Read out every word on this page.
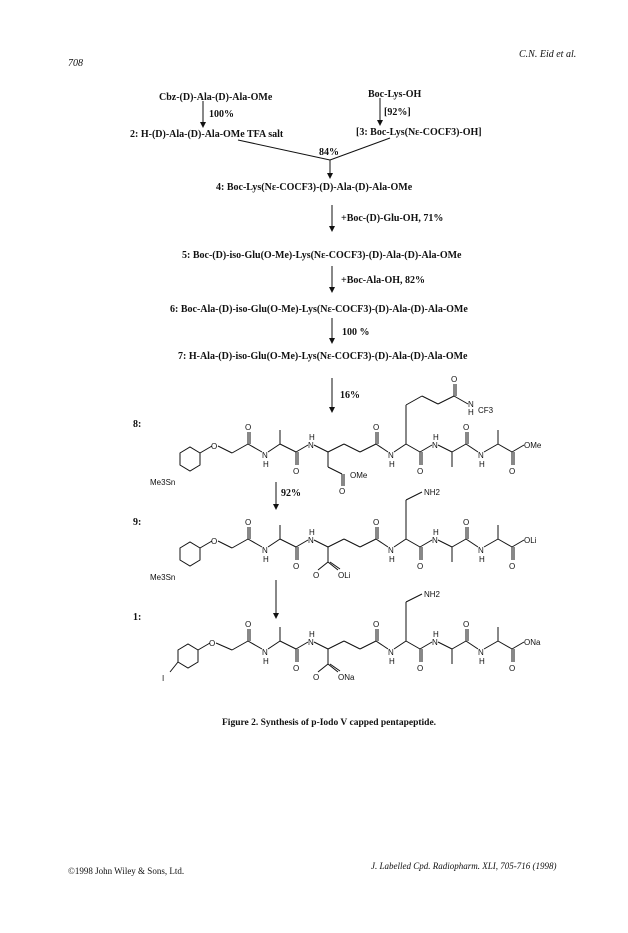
708
C.N. Eid et al.
Cbz-(D)-Ala-(D)-Ala-OMe
100%
Boc-Lys-OH
[92%]
2: H-(D)-Ala-(D)-Ala-OMe TFA salt	[3: Boc-Lys(Nε-COCF3)-OH]
84%
4: Boc-Lys(Nε-COCF3)-(D)-Ala-(D)-Ala-OMe
+Boc-(D)-Glu-OH, 71%
5: Boc-(D)-iso-Glu(O-Me)-Lys(Nε-COCF3)-(D)-Ala-(D)-Ala-OMe
+Boc-Ala-OH, 82%
6: Boc-Ala-(D)-iso-Glu(O-Me)-Lys(Nε-COCF3)-(D)-Ala-(D)-Ala-OMe
100 %
7: H-Ala-(D)-iso-Glu(O-Me)-Lys(Nε-COCF3)-(D)-Ala-(D)-Ala-OMe
16%
8:
92%
9:
1:
Me3Sn
O
O
N
H
O
N
H
O
N
H
N
H
O
CF3
O
N
H
O
N
H
OMe
O
O
OMe
Me3Sn
O
O
N
H
O
N
H
O
N
H
NH2
O
N
H
O
N
H
OLi
O
O OLi
I
O
O
N
H
O
N
H
O
N
H
NH2
O
N
H
O
N
H
ONa
O
O ONa
Figure 2. Synthesis of p-Iodo V capped pentapeptide.
©1998 John Wiley & Sons, Ltd.	J. Labelled Cpd. Radiopharm. XLI, 705-716 (1998)
